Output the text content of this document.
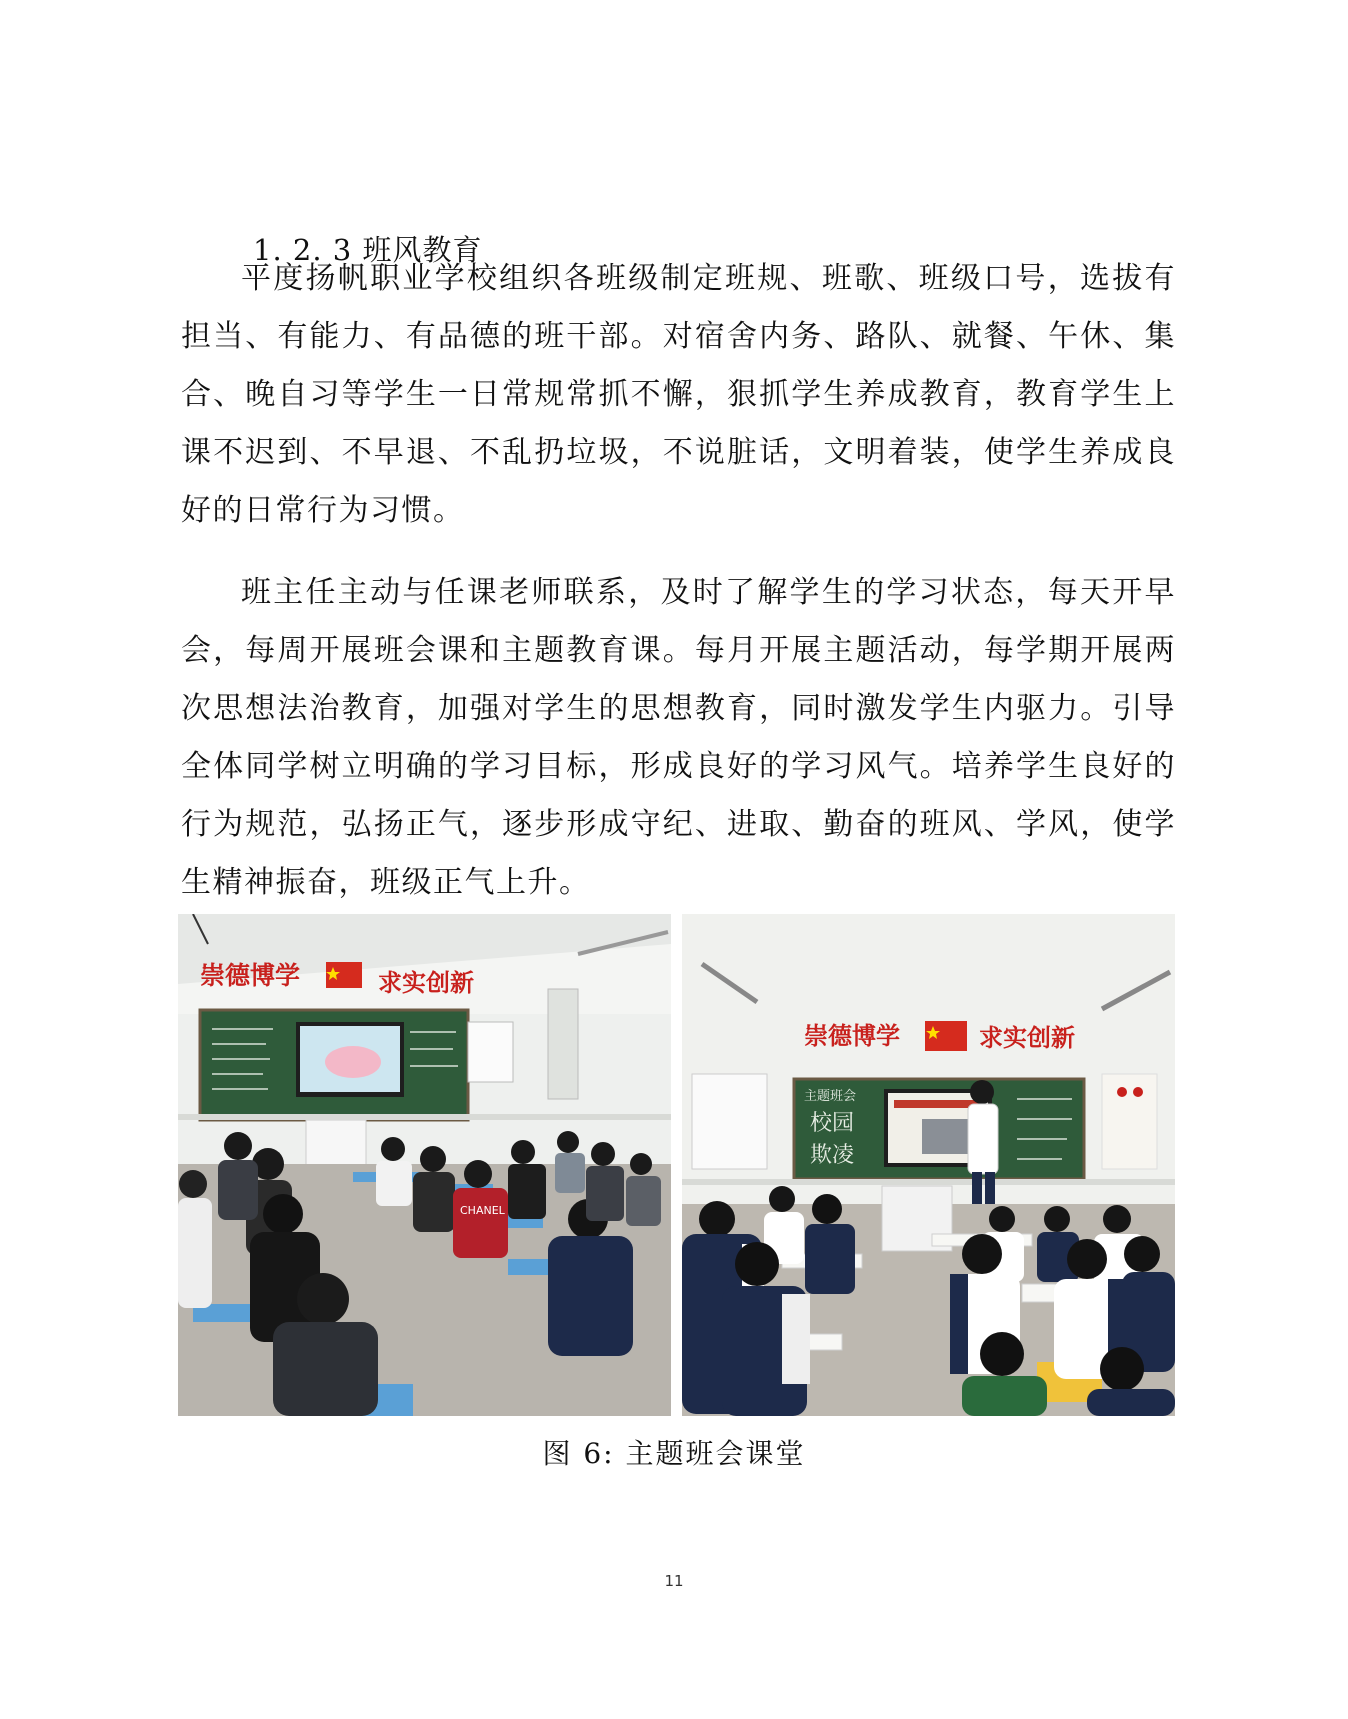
1. 2. 3 班风教育

平度扬帆职业学校组织各班级制定班规、班歌、班级口号，选拔有担当、有能力、有品德的班干部。对宿舍内务、路队、就餐、午休、集合、晚自习等学生一日常规常抓不懈，狠抓学生养成教育，教育学生上课不迟到、不早退、不乱扔垃圾，不说脏话，文明着装，使学生养成良好的日常行为习惯。

班主任主动与任课老师联系，及时了解学生的学习状态，每天开早会，每周开展班会课和主题教育课。每月开展主题活动，每学期开展两次思想法治教育，加强对学生的思想教育，同时激发学生内驱力。引导全体同学树立明确的学习目标，形成良好的学习风气。培养学生良好的行为规范，弘扬正气，逐步形成守纪、进取、勤奋的班风、学风，使学生精神振奋，班级正气上升。

崇德博学	求实创新
CHANEL
崇德博学	求实创新
主题班会
校园
欺凌
图 6: 主题班会课堂
11
